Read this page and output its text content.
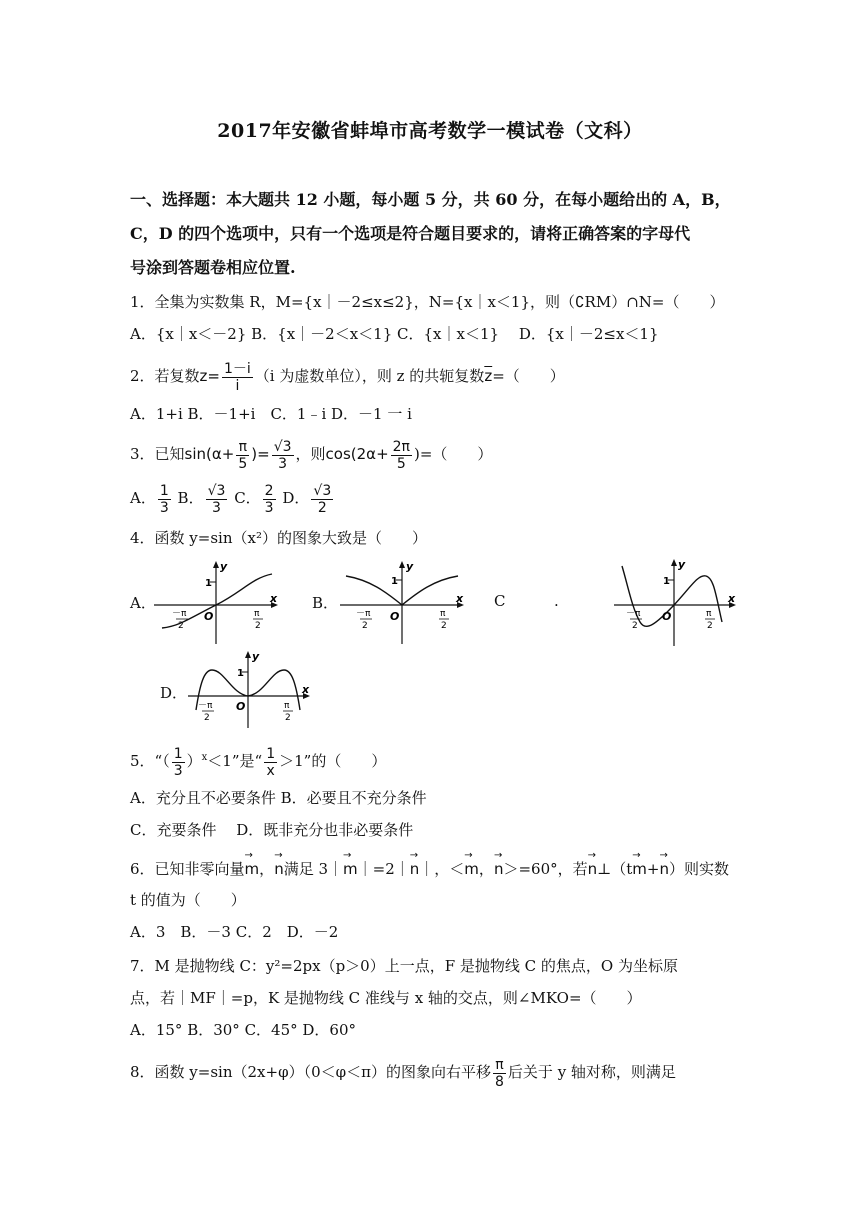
2017年安徽省蚌埠市高考数学一模试卷（文科）
一、选择题：本大题共 12 小题，每小题 5 分，共 60 分，在每小题给出的 A，B，
C，D 的四个选项中，只有一个选项是符合题目要求的，请将正确答案的字母代
号涂到答题卷相应位置.
1．全集为实数集 R，M={x｜－2≤x≤2}，N={x｜x＜1}，则（∁RM）∩N=（　　）
A．{x｜x＜－2} B．{x｜－2＜x＜1} C．{x｜x＜1}　 D．{x｜－2≤x＜1}
2．若复数$z= \frac{1-i}{i} (i$ 为虚数单位），则 z 的共轭复数$\overline{z}=$（　　）
A．1+i B．－1+i　C．1﹣i D．－1 一 i
3．已知$\sin(\alpha+ \frac{\pi}{5}$ )= $\frac{√3}{3}$ ，则$\cos(2\alpha+ \frac{2\pi}{5}$ )=（　　）
A． $\frac{1}{3}$ B． $\frac{√3}{3}$ C． $\frac{2}{3}$ D． $\frac{√3}{2}$
4．函数 y=sin（x²）的图象大致是（　　）
A．	B．	C	.
D．
1
y
x
O
－π
2
π
2
1
y
x
O
－π
2
π
2
1
y
x
O
－π
2
π
2
1
y
x
O
－π
2
π
2
5．“（ $\frac{1}{3} )^x<1$”是“ $\frac{1}{x} >1$”的（　　）
A．充分且不必要条件 B．必要且不充分条件
C．充要条件　 D．既非充分也非必要条件
6．已知非零向量→ m，→ n满足 3｜→ m｜=2｜→ n｜，＜→ m，→ n＞=60°，若→ n⊥（t→ m+→ n）则实数
t 的值为（　　）
A．3　B．－3 C．2　D．－2
7．M 是抛物线 C：y²=2px（p＞0）上一点，F 是抛物线 C 的焦点，O 为坐标原
点，若｜MF｜=p，K 是抛物线 C 准线与 x 轴的交点，则∠MKO=（　　）
A．15° B．30° C．45° D．60°
8．函数 y=sin（2x+φ）（0＜φ＜π）的图象向右平移 $\frac{\pi}{8}$ 后关于 y 轴对称，则满足
